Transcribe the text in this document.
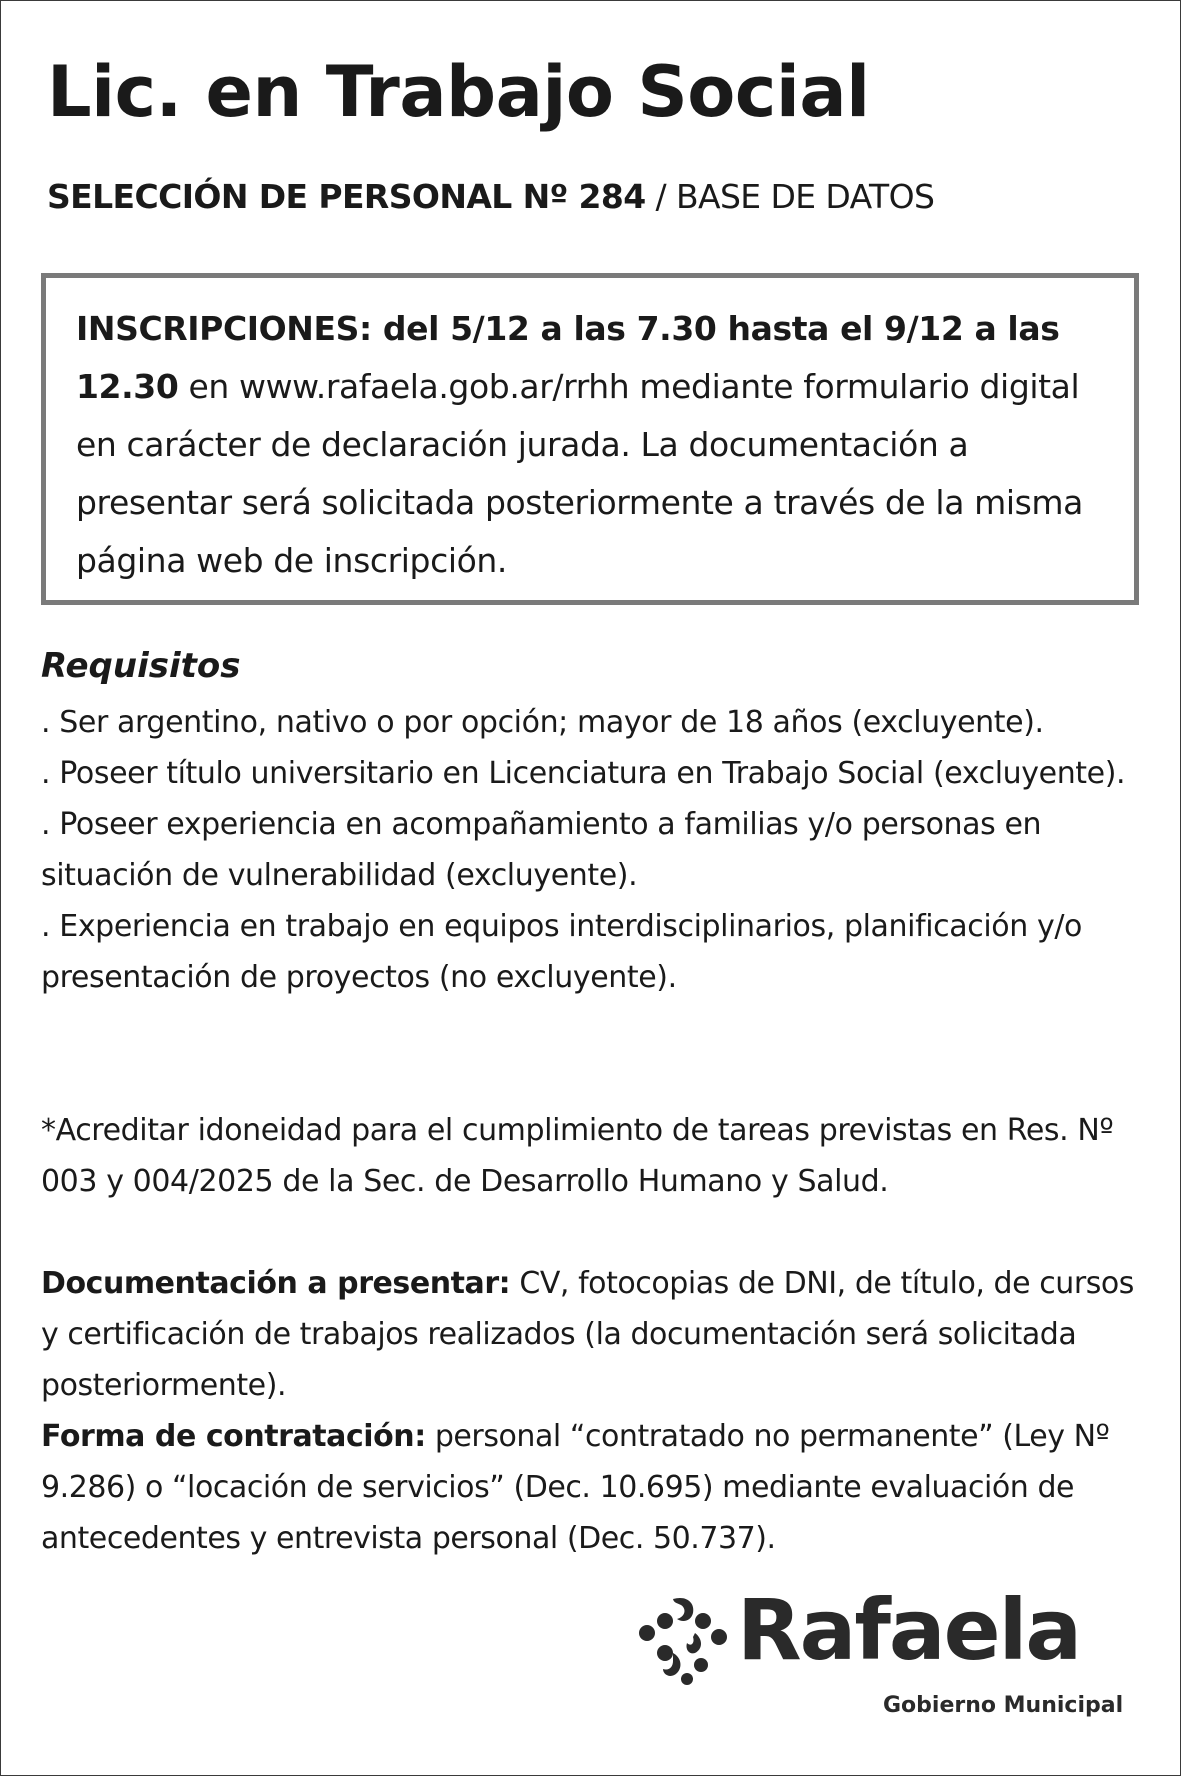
Lic. en Trabajo Social
SELECCIÓN DE PERSONAL Nº 284 / BASE DE DATOS
INSCRIPCIONES: del 5/12 a las 7.30 hasta el 9/12 a las 12.30 en www.rafaela.gob.ar/rrhh mediante formulario digital en carácter de declaración jurada. La documentación a presentar será solicitada posteriormente a través de la misma página web de inscripción.
Requisitos
. Ser argentino, nativo o por opción; mayor de 18 años (excluyente).
. Poseer título universitario en Licenciatura en Trabajo Social (excluyente).
. Poseer experiencia en acompañamiento a familias y/o personas en situación de vulnerabilidad (excluyente).
. Experiencia en trabajo en equipos interdisciplinarios, planificación y/o presentación de proyectos (no excluyente).
*Acreditar idoneidad para el cumplimiento de tareas previstas en Res. Nº 003 y 004/2025 de la Sec. de Desarrollo Humano y Salud.
Documentación a presentar: CV, fotocopias de DNI, de título, de cursos y certificación de trabajos realizados (la documentación será solicitada posteriormente).
Forma de contratación: personal “contratado no permanente” (Ley Nº 9.286) o “locación de servicios” (Dec. 10.695) mediante evaluación de antecedentes y entrevista personal (Dec. 50.737).
Rafaela
Gobierno Municipal
